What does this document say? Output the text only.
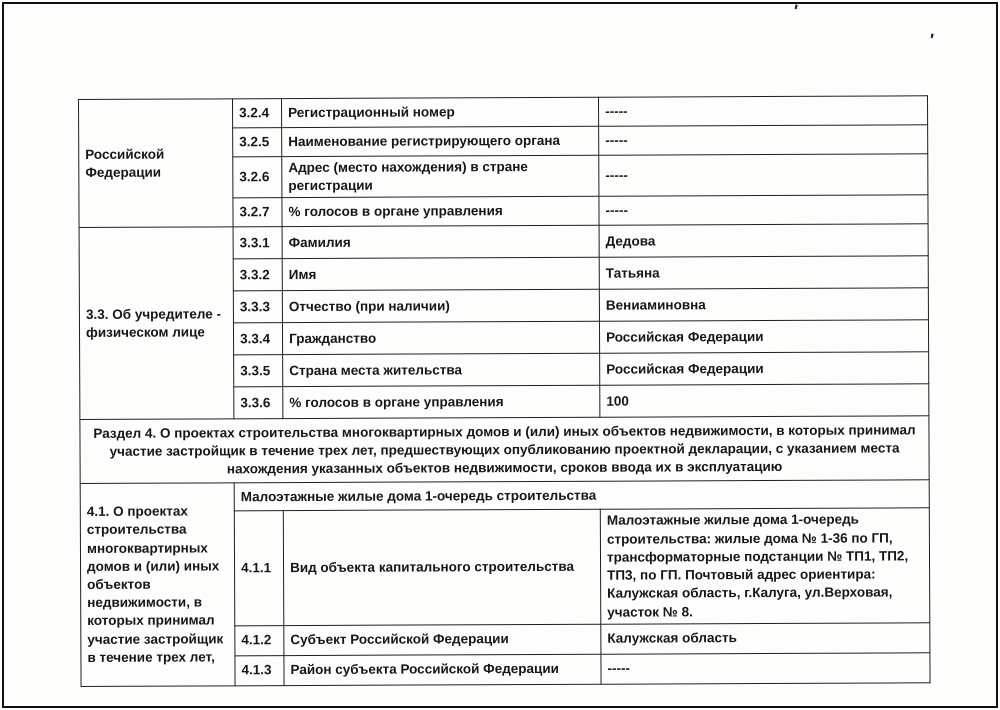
'
'
Российской Федерации	3.2.4	Регистрационный номер	-----
	3.2.5	Наименование регистрирующего органа	-----
	3.2.6	Адрес (место нахождения) в стране регистрации	-----
	3.2.7	% голосов в органе управления	-----
3.3. Об учредителе - физическом лице	3.3.1	Фамилия	Дедова
	3.3.2	Имя	Татьяна
	3.3.3	Отчество (при наличии)	Вениаминовна
	3.3.4	Гражданство	Российская Федерации
	3.3.5	Страна места жительства	Российская Федерации
	3.3.6	% голосов в органе управления	100
Раздел 4. О проектах строительства многоквартирных домов и (или) иных объектов недвижимости, в которых принимал участие застройщик в течение трех лет, предшествующих опубликованию проектной декларации, с указанием места нахождения указанных объектов недвижимости, сроков ввода их в эксплуатацию			
4.1. О проектах строительства многоквартирных домов и (или) иных объектов недвижимости, в которых принимал участие застройщик в течение трех лет,	Малоэтажные жилые дома 1-очередь строительства		
	4.1.1	Вид объекта капитального строительства	Малоэтажные жилые дома 1-очередь строительства: жилые дома № 1-36 по ГП, трансформаторные подстанции № ТП1, ТП2, ТП3, по ГП. Почтовый адрес ориентира: Калужская область, г.Калуга, ул.Верховая, участок № 8.
	4.1.2	Субъект Российской Федерации	Калужская область
	4.1.3	Район субъекта Российской Федерации	-----
